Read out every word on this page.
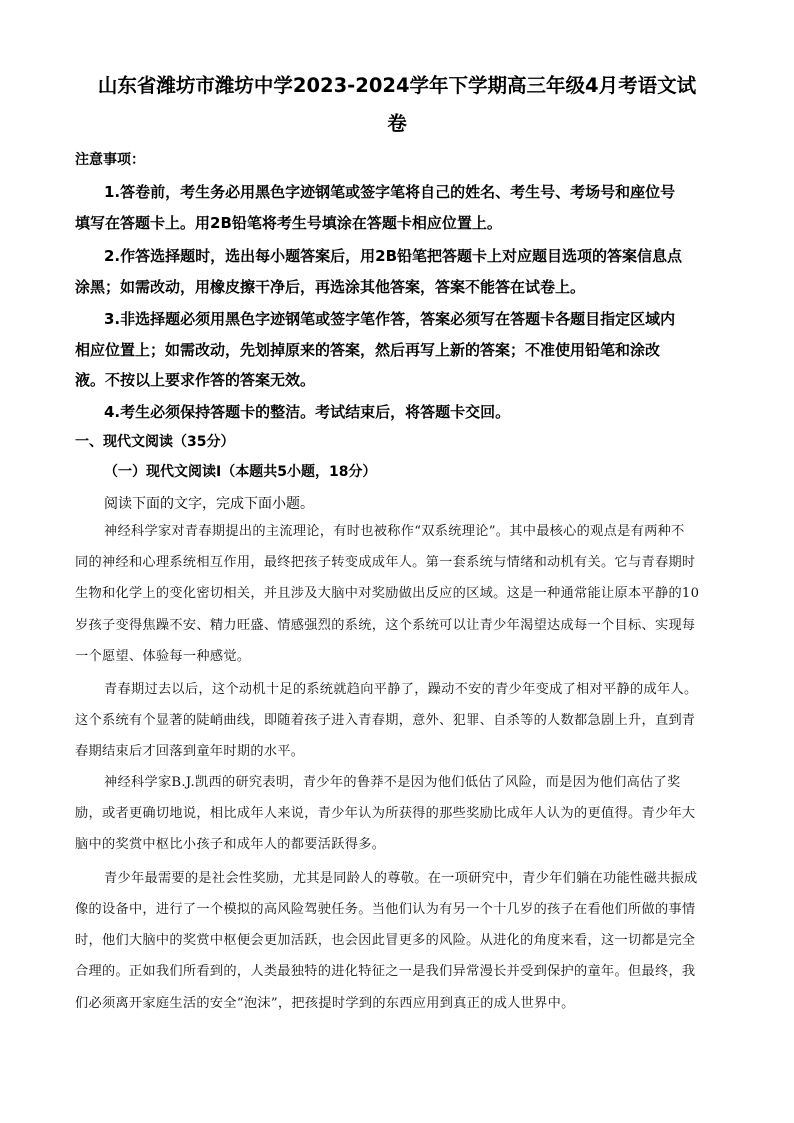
山东省潍坊市潍坊中学2023-2024学年下学期高三年级4月考语文试
卷
注意事项：
1.答卷前，考生务必用黑色字迹钢笔或签字笔将自己的姓名、考生号、考场号和座位号
填写在答题卡上。用2B铅笔将考生号填涂在答题卡相应位置上。
2.作答选择题时，选出每小题答案后，用2B铅笔把答题卡上对应题目选项的答案信息点
涂黑；如需改动，用橡皮擦干净后，再选涂其他答案，答案不能答在试卷上。
3.非选择题必须用黑色字迹钢笔或签字笔作答，答案必须写在答题卡各题目指定区域内
相应位置上；如需改动，先划掉原来的答案，然后再写上新的答案；不准使用铅笔和涂改
液。不按以上要求作答的答案无效。
4.考生必须保持答题卡的整洁。考试结束后，将答题卡交回。
一、现代文阅读（35分）
（一）现代文阅读Ⅰ（本题共5小题，18分）
阅读下面的文字，完成下面小题。
神经科学家对青春期提出的主流理论，有时也被称作“双系统理论”。其中最核心的观点是有两种不
同的神经和心理系统相互作用，最终把孩子转变成成年人。第一套系统与情绪和动机有关。它与青春期时
生物和化学上的变化密切相关，并且涉及大脑中对奖励做出反应的区域。这是一种通常能让原本平静的10
岁孩子变得焦躁不安、精力旺盛、情感强烈的系统，这个系统可以让青少年渴望达成每一个目标、实现每
一个愿望、体验每一种感觉。
青春期过去以后，这个动机十足的系统就趋向平静了，躁动不安的青少年变成了相对平静的成年人。
这个系统有个显著的陡峭曲线，即随着孩子进入青春期，意外、犯罪、自杀等的人数都急剧上升，直到青
春期结束后才回落到童年时期的水平。
神经科学家B.J.凯西的研究表明，青少年的鲁莽不是因为他们低估了风险，而是因为他们高估了奖
励，或者更确切地说，相比成年人来说，青少年认为所获得的那些奖励比成年人认为的更值得。青少年大
脑中的奖赏中枢比小孩子和成年人的都要活跃得多。
青少年最需要的是社会性奖励，尤其是同龄人的尊敬。在一项研究中，青少年们躺在功能性磁共振成
像的设备中，进行了一个模拟的高风险驾驶任务。当他们认为有另一个十几岁的孩子在看他们所做的事情
时，他们大脑中的奖赏中枢便会更加活跃，也会因此冒更多的风险。从进化的角度来看，这一切都是完全
合理的。正如我们所看到的，人类最独特的进化特征之一是我们异常漫长并受到保护的童年。但最终，我
们必须离开家庭生活的安全“泡沫”，把孩提时学到的东西应用到真正的成人世界中。
